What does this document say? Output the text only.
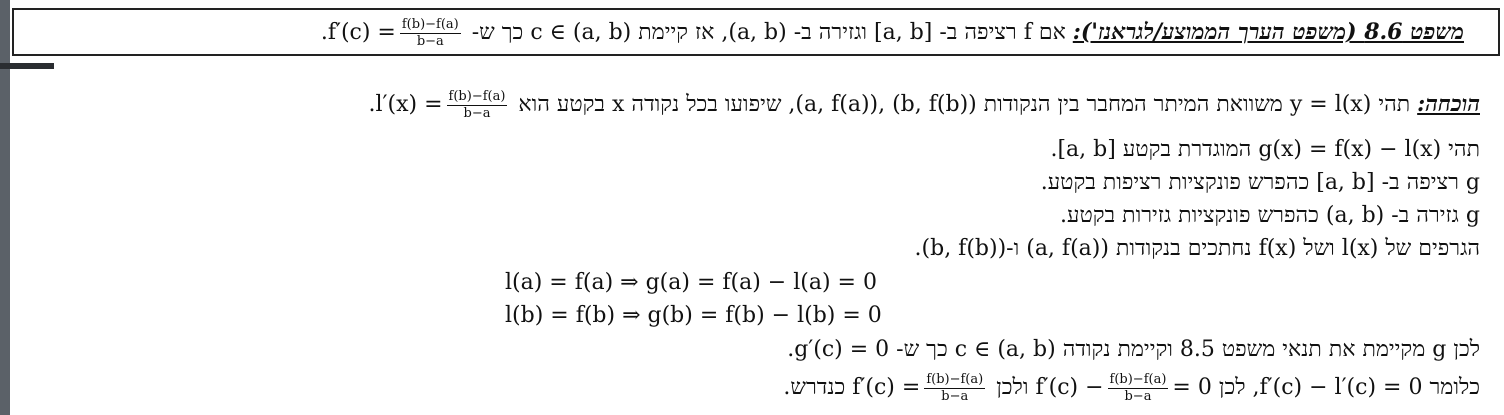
משפט 8.6 (משפט הערך הממוצע/לגראנז'): אם f רציפה ב- [a, b] וגזירה ב- (a, b), אז קיימת c ∈ (a, b) כך ש- $f'(c) = \frac{f(b)-f(a)}{b-a}$
.
הוכחה: תהי y = l(x) משוואת המיתר המחבר בין הנקודות (a, f(a)), (b, f(b)), שיפועו בכל נקודה x בקטע הוא $l'(x) = \frac{f(b)-f(a)}{b-a}$
.
תהי g(x) = f(x) − l(x) המוגדרת בקטע [a, b].
g רציפה ב- [a, b] כהפרש פונקציות רציפות בקטע.
g גזירה ב- (a, b) כהפרש פונקציות גזירות בקטע.
הגרפים של l(x) ושל f(x) נחתכים בנקודות (a, f(a)) ו-(b, f(b)).
l(a) = f(a) ⇒ g(a) = f(a) − l(a) = 0
l(b) = f(b) ⇒ g(b) = f(b) − l(b) = 0
לכן g מקיימת את תנאי משפט 8.5 וקיימת נקודה c ∈ (a, b) כך ש- g′(c) = 0.
כלומר f′(c) − l′(c) = 0, לכן $f'(c) - \frac{f(b)-f(a)}{b-a} = 0$ ולכן $f'(c) = \frac{f(b)-f(a)}{b-a}$
כנדרש.
